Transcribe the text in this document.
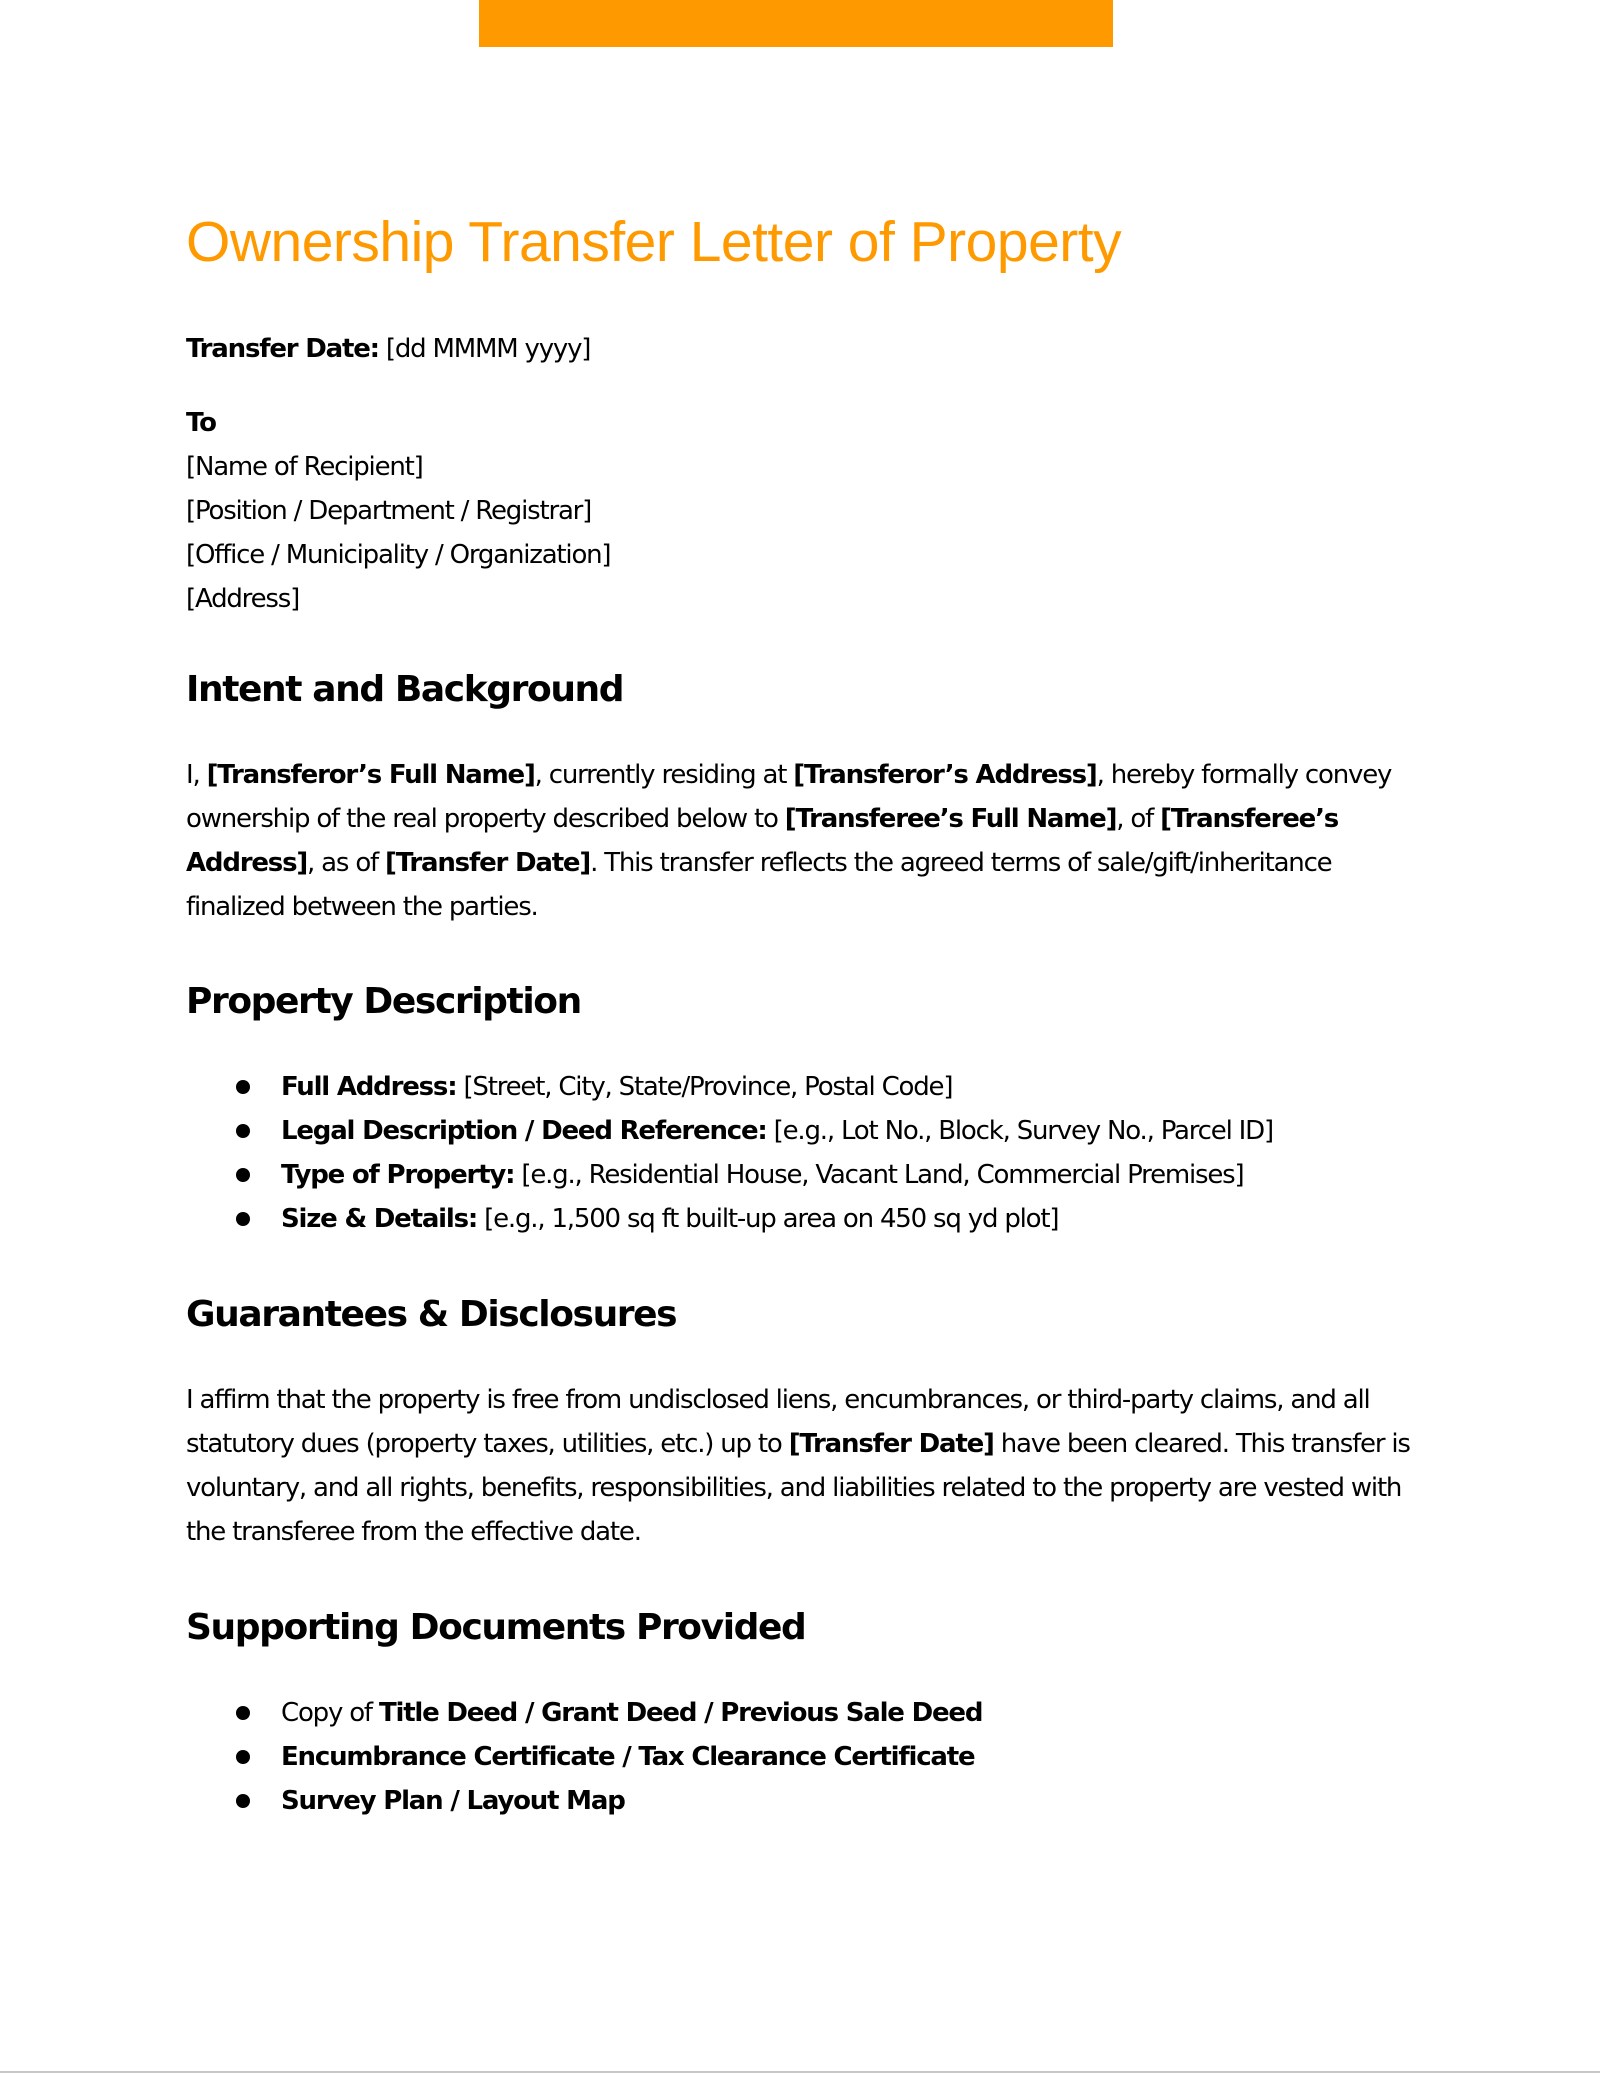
Ownership Transfer Letter of Property
Transfer Date: [dd MMMM yyyy]
To
[Name of Recipient]
[Position / Department / Registrar]
[Office / Municipality / Organization]
[Address]
Intent and Background

I, [Transferor’s Full Name], currently residing at [Transferor’s Address], hereby formally convey ownership of the real property described below to [Transferee’s Full Name], of [Transferee’s Address], as of [Transfer Date]. This transfer reflects the agreed terms of sale/gift/inheritance finalized between the parties.

Property Description
Full Address: [Street, City, State/Province, Postal Code]
Legal Description / Deed Reference: [e.g., Lot No., Block, Survey No., Parcel ID]
Type of Property: [e.g., Residential House, Vacant Land, Commercial Premises]
Size & Details: [e.g., 1,500 sq ft built-up area on 450 sq yd plot]
Guarantees & Disclosures

I affirm that the property is free from undisclosed liens, encumbrances, or third-party claims, and all statutory dues (property taxes, utilities, etc.) up to [Transfer Date] have been cleared. This transfer is voluntary, and all rights, benefits, responsibilities, and liabilities related to the property are vested with the transferee from the effective date.

Supporting Documents Provided
Copy of Title Deed / Grant Deed / Previous Sale Deed
Encumbrance Certificate / Tax Clearance Certificate
Survey Plan / Layout Map
